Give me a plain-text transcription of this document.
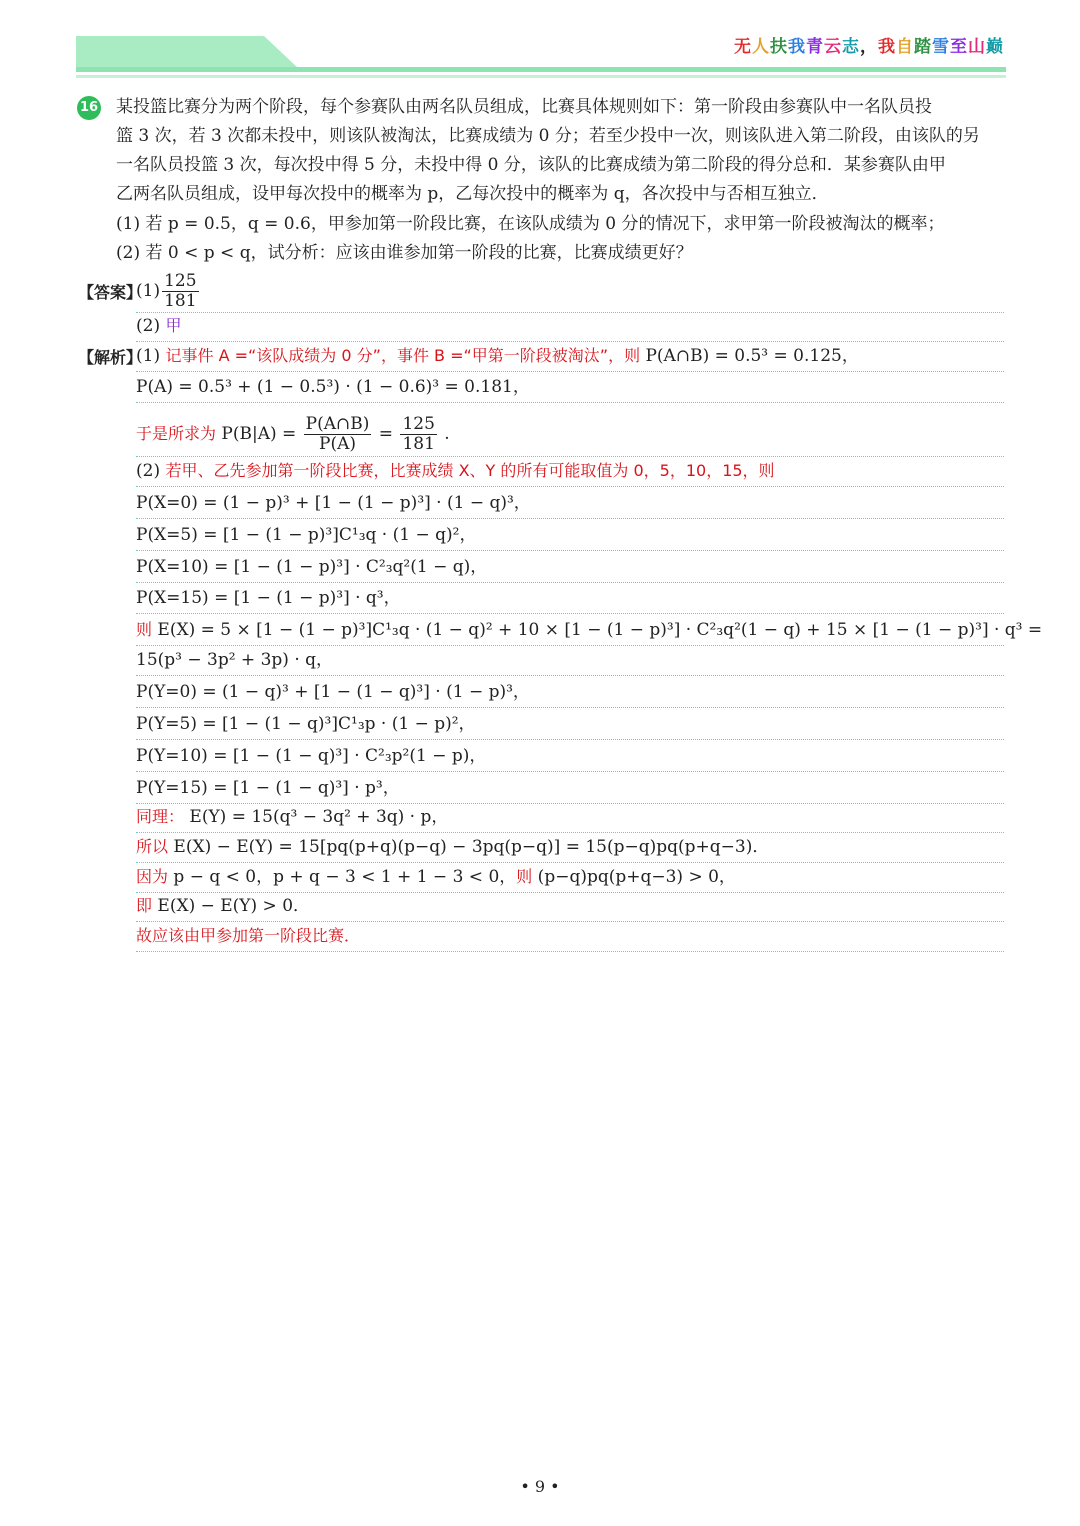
无人扶我青云志，我自踏雪至山巅
16 某投篮比赛分为两个阶段，每个参赛队由两名队员组成，比赛具体规则如下：第一阶段由参赛队中一名队员投
篮 3 次，若 3 次都未投中，则该队被淘汰，比赛成绩为 0 分；若至少投中一次，则该队进入第二阶段，由该队的另
一名队员投篮 3 次，每次投中得 5 分，未投中得 0 分，该队的比赛成绩为第二阶段的得分总和．某参赛队由甲
乙两名队员组成，设甲每次投中的概率为 p，乙每次投中的概率为 q，各次投中与否相互独立．
(1) 若 p = 0.5，q = 0.6，甲参加第一阶段比赛，在该队成绩为 0 分的情况下，求甲第一阶段被淘汰的概率；
(2) 若 0 < p < q，试分析：应该由谁参加第一阶段的比赛，比赛成绩更好？
【答案】
$(1) \frac{125}{181}$
(2) 甲
【解析】
(1) 记事件 A =“该队成绩为 0 分”，事件 B =“甲第一阶段被淘汰”，则 P(A∩B) = 0.5³ = 0.125，
P(A) = 0.5³ + (1 − 0.5³) · (1 − 0.6)³ = 0.181，
于是所求为 $P(B|A) = \frac{P(A\cap B)}{P(A)} = \frac{125}{181}$ .
(2) 若甲、乙先参加第一阶段比赛，比赛成绩 X、Y 的所有可能取值为 0，5，10，15，则
P(X=0) = (1 − p)³ + [1 − (1 − p)³] · (1 − q)³，
P(X=5) = [1 − (1 − p)³]C¹₃q · (1 − q)²，
P(X=10) = [1 − (1 − p)³] · C²₃q²(1 − q)，
P(X=15) = [1 − (1 − p)³] · q³，
则 E(X) = 5 × [1 − (1 − p)³]C¹₃q · (1 − q)² + 10 × [1 − (1 − p)³] · C²₃q²(1 − q) + 15 × [1 − (1 − p)³] · q³ =
15(p³ − 3p² + 3p) · q，
P(Y=0) = (1 − q)³ + [1 − (1 − q)³] · (1 − p)³，
P(Y=5) = [1 − (1 − q)³]C¹₃p · (1 − p)²，
P(Y=10) = [1 − (1 − q)³] · C²₃p²(1 − p)，
P(Y=15) = [1 − (1 − q)³] · p³，
同理： E(Y) = 15(q³ − 3q² + 3q) · p，
所以 E(X) − E(Y) = 15[pq(p+q)(p−q) − 3pq(p−q)] = 15(p−q)pq(p+q−3)．
因为 p − q < 0，p + q − 3 < 1 + 1 − 3 < 0，则 (p−q)pq(p+q−3) > 0，
即 E(X) − E(Y) > 0．
故应该由甲参加第一阶段比赛．
• 9 •
